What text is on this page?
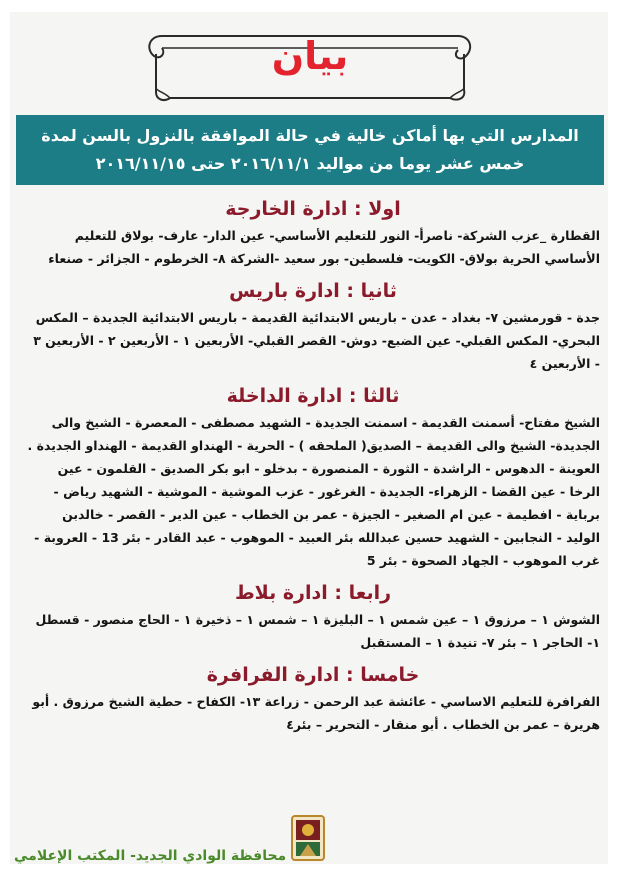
بيان
المدارس التي بها أماكن خالية في حالة الموافقة بالنزول بالسن لمدة
خمس عشر يوما من مواليد ٢٠١٦/١١/١ حتى ٢٠١٦/١١/١٥
اولا : ادارة الخارجة
القطارة _عزب الشركة- ناصرأ- النور للتعليم الأساسي- عين الدار- عارف- بولاق للتعليم الأساسي الحرية بولاق- الكويت- فلسطين- بور سعيد -الشركة ٨- الخرطوم - الجزائر - صنعاء
ثانيا : ادارة باريس
جدة - قورمشين ٧- بغداد - عدن - باريس الابتدائية القديمة - باريس الابتدائية الجديدة – المكس البحري- المكس القبلي- عين الضبع- دوش- القصر القبلي- الأربعين ١ - الأربعين ٢ - الأربعين ٣ - الأربعين ٤
ثالثا : ادارة الداخلة
الشيخ مفتاح- أسمنت القديمة - اسمنت الجديدة - الشهيد مصطفى - المعصرة - الشيخ والى الجديدة- الشيخ والى القديمة – الصديق( الملحقه ) - الحرية - الهنداو القديمة - الهنداو الجديدة . العوينة - الدهوس - الراشدة - الثورة - المنصورة - بدخلو - ابو بكر الصديق - القلمون - عين الرخا - عين القضا - الزهراء- الجديدة - الغرغور - عزب الموشية - الموشية - الشهيد رياض - برباية - افطيمة - عين ام الصغير - الجيزة - عمر بن الخطاب - عين الدير - القصر - خالدبن الوليد - النجابين - الشهيد حسين عبدالله بئر العبيد - الموهوب - عبد القادر - بئر 13 - العروبة - غرب الموهوب - الجهاد الصحوة - بئر 5
رابعا : ادارة بلاط
الشوش ١ – مرزوق ١ – عين شمس ١ – البليزة ١ – شمس ١ – ذخيرة ١ - الحاج منصور - قسطل ١- الحاجر ١ – بئر ٧- تنيدة ١ – المستقبل
خامسا : ادارة الفرافرة
الفرافرة للتعليم الاساسي - عائشة عبد الرحمن - زراعة ١٣- الكفاح - حطية الشيخ مرزوق . أبو هريرة – عمر بن الخطاب . أبو منقار - التحرير – بئر٤
محافظة الوادي الجديد- المكتب الإعلامي
